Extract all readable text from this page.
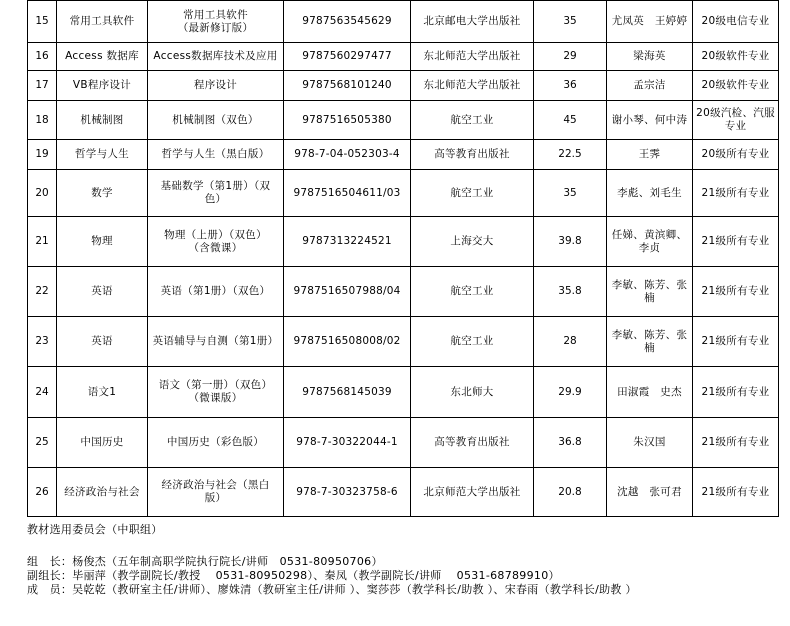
15	常用工具软件	常用工具软件
（最新修订版）	9787563545629	北京邮电大学出版社	35	尤凤英　王婷婷	20级电信专业
16	Access 数据库	Access数据库技术及应用	9787560297477	东北师范大学出版社	29	梁海英	20级软件专业
17	VB程序设计	程序设计	9787568101240	东北师范大学出版社	36	孟宗洁	20级软件专业
18	机械制图	机械制图（双色）	9787516505380	航空工业	45	谢小琴、何中涛	20级汽检、汽服
专业
19	哲学与人生	哲学与人生（黑白版）	978-7-04-052303-4	高等教育出版社	22.5	王霁	20级所有专业
20	数学	基础数学（第1册）（双
色）	9787516504611/03	航空工业	35	李彪、刘毛生	21级所有专业
21	物理	物理（上册）（双色）
（含微课）	9787313224521	上海交大	39.8	任娣、黄滨卿、
李贞	21级所有专业
22	英语	英语（第1册）（双色）	9787516507988/04	航空工业	35.8	李敏、陈芳、张
楠	21级所有专业
23	英语	英语辅导与自测（第1册）	9787516508008/02	航空工业	28	李敏、陈芳、张
楠	21级所有专业
24	语文1	语文（第一册）（双色）
（微课版）	9787568145039	东北师大	29.9	田淑霞　史杰	21级所有专业
25	中国历史	中国历史（彩色版）	978-7-30322044-1	高等教育出版社	36.8	朱汉国	21级所有专业
26	经济政治与社会	经济政治与社会（黑白
版）	978-7-30323758-6	北京师范大学出版社	20.8	沈越　张可君	21级所有专业
教材选用委员会（中职组）
组　长：杨俊杰（五年制高职学院执行院长/讲师　0531-80950706）
副组长：毕丽萍（教学副院长/教授　 0531-80950298）、秦凤（教学副院长/讲师　 0531-68789910）
成　员：吴乾乾（教研室主任/讲师）、廖姝清（教研室主任/讲师 ）、窦莎莎（教学科长/助教 ）、宋春雨（教学科长/助教 ）
